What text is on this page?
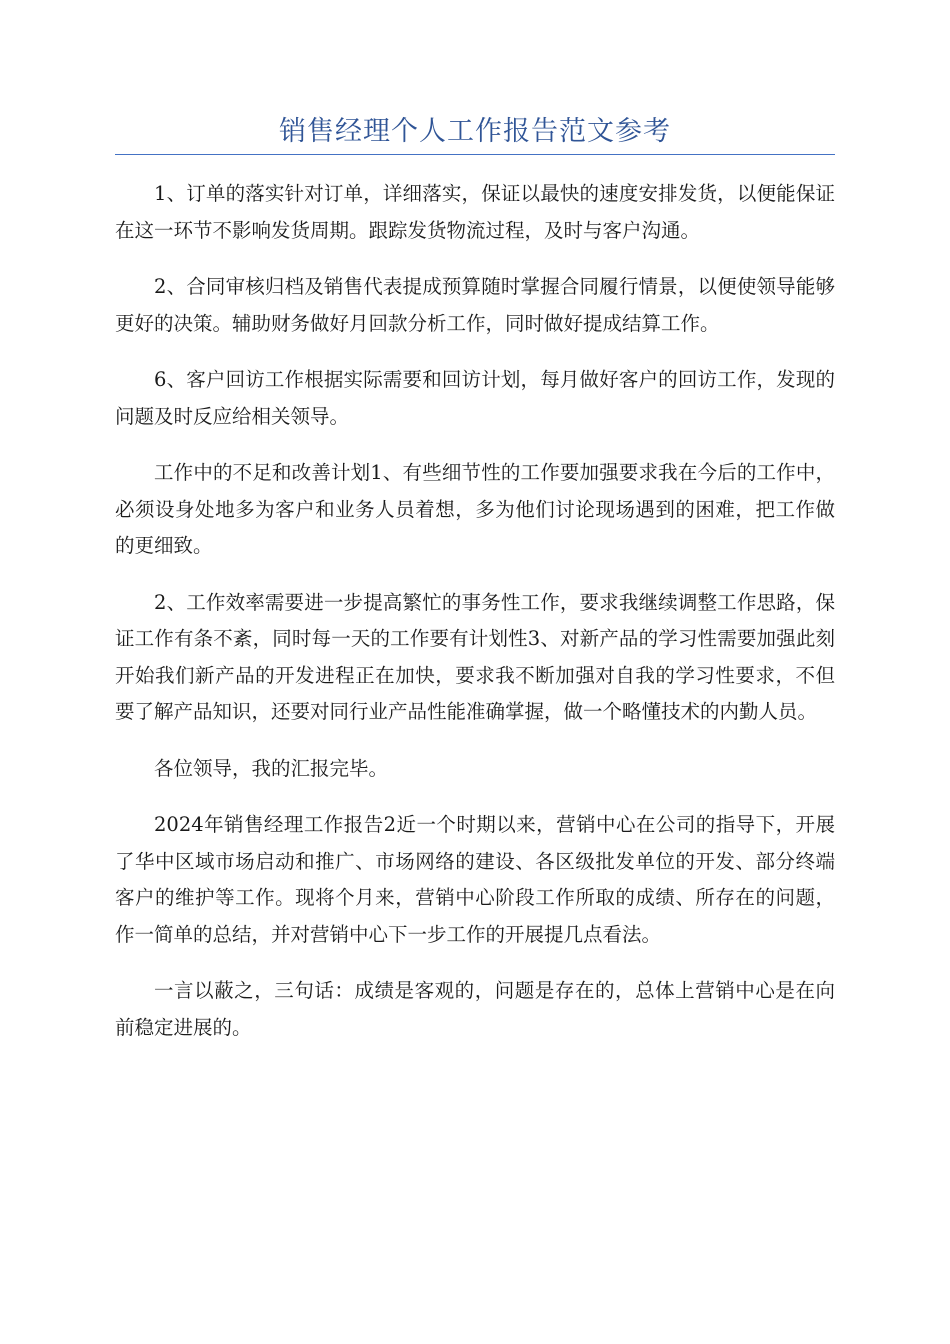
销售经理个人工作报告范文参考

1、订单的落实针对订单，详细落实，保证以最快的速度安排发货，以便能保证在这一环节不影响发货周期。跟踪发货物流过程，及时与客户沟通。

2、合同审核归档及销售代表提成预算随时掌握合同履行情景，以便使领导能够更好的决策。辅助财务做好月回款分析工作，同时做好提成结算工作。

6、客户回访工作根据实际需要和回访计划，每月做好客户的回访工作，发现的问题及时反应给相关领导。

工作中的不足和改善计划1、有些细节性的工作要加强要求我在今后的工作中，必须设身处地多为客户和业务人员着想，多为他们讨论现场遇到的困难，把工作做的更细致。

2、工作效率需要进一步提高繁忙的事务性工作，要求我继续调整工作思路，保证工作有条不紊，同时每一天的工作要有计划性3、对新产品的学习性需要加强此刻开始我们新产品的开发进程正在加快，要求我不断加强对自我的学习性要求，不但要了解产品知识，还要对同行业产品性能准确掌握，做一个略懂技术的内勤人员。

各位领导，我的汇报完毕。

2024年销售经理工作报告2近一个时期以来，营销中心在公司的指导下，开展了华中区域市场启动和推广、市场网络的建设、各区级批发单位的开发、部分终端客户的维护等工作。现将个月来，营销中心阶段工作所取的成绩、所存在的问题，作一简单的总结，并对营销中心下一步工作的开展提几点看法。

一言以蔽之，三句话：成绩是客观的，问题是存在的，总体上营销中心是在向前稳定进展的。
